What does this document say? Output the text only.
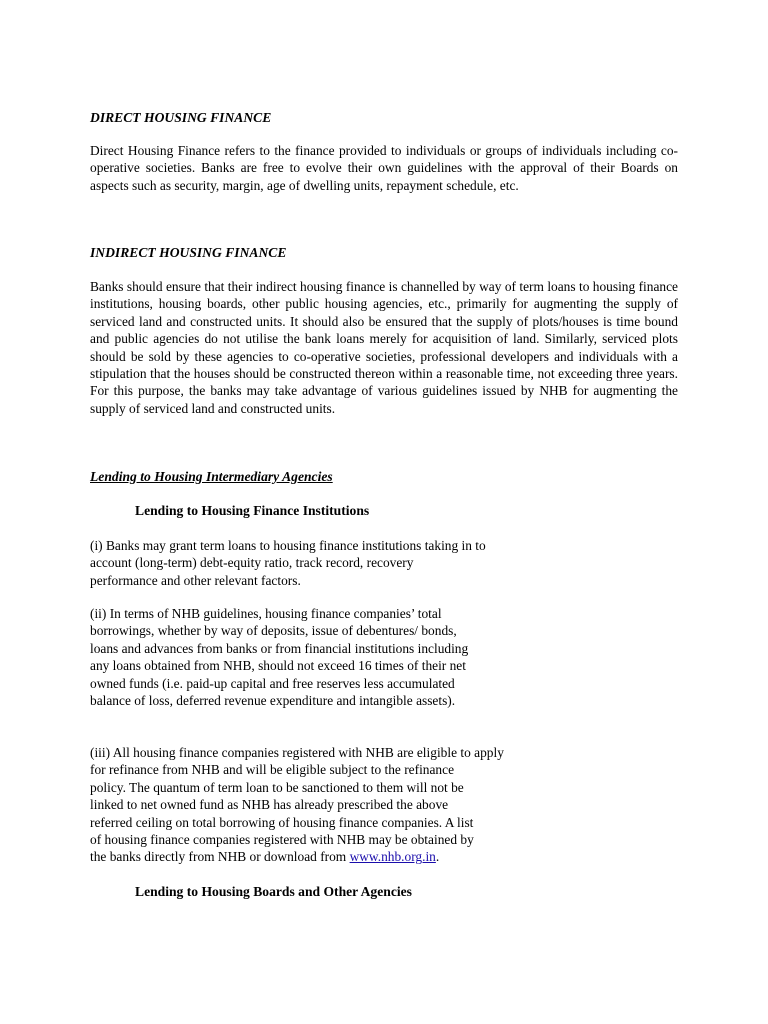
DIRECT HOUSING FINANCE

Direct Housing Finance refers to the finance provided to individuals or groups of individuals including co-operative societies. Banks are free to evolve their own guidelines with the approval of their Boards on aspects such as security, margin, age of dwelling units, repayment schedule, etc.

INDIRECT HOUSING FINANCE

Banks should ensure that their indirect housing finance is channelled by way of term loans to housing finance institutions, housing boards, other public housing agencies, etc., primarily for augmenting the supply of serviced land and constructed units. It should also be ensured that the supply of plots/houses is time bound and public agencies do not utilise the bank loans merely for acquisition of land. Similarly, serviced plots should be sold by these agencies to co-operative societies, professional developers and individuals with a stipulation that the houses should be constructed thereon within a reasonable time, not exceeding three years. For this purpose, the banks may take advantage of various guidelines issued by NHB for augmenting the supply of serviced land and constructed units.

Lending to Housing Intermediary Agencies
Lending to Housing Finance Institutions
(i) Banks may grant term loans to housing finance institutions taking in to
account (long-term) debt-equity ratio, track record, recovery
performance and other relevant factors.
(ii) In terms of NHB guidelines, housing finance companies’ total
borrowings, whether by way of deposits, issue of debentures/ bonds,
loans and advances from banks or from financial institutions including
any loans obtained from NHB, should not exceed 16 times of their net
owned funds (i.e. paid-up capital and free reserves less accumulated
balance of loss, deferred revenue expenditure and intangible assets).
(iii) All housing finance companies registered with NHB are eligible to apply
for refinance from NHB and will be eligible subject to the refinance
policy. The quantum of term loan to be sanctioned to them will not be
linked to net owned fund as NHB has already prescribed the above
referred ceiling on total borrowing of housing finance companies. A list
of housing finance companies registered with NHB may be obtained by
the banks directly from NHB or download from www.nhb.org.in.
Lending to Housing Boards and Other Agencies
